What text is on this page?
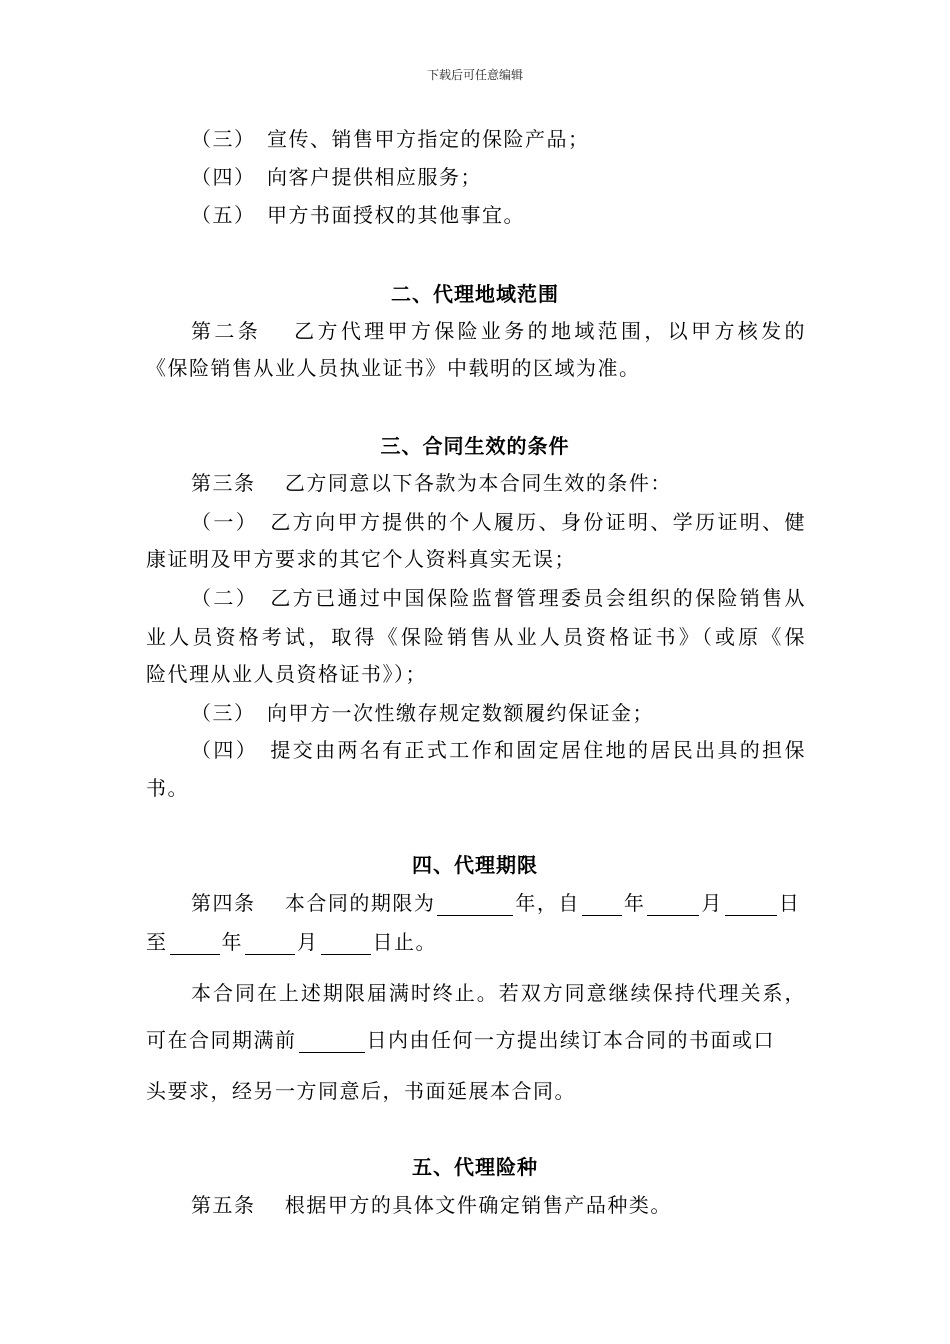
下载后可任意编辑
（三）　宣传、销售甲方指定的保险产品；
（四）　向客户提供相应服务；
（五）　甲方书面授权的其他事宜。
二、代理地域范围
第二条　 乙方代理甲方保险业务的地域范围，以甲方核发的
《保险销售从业人员执业证书》中载明的区域为准。
三、合同生效的条件
第三条　 乙方同意以下各款为本合同生效的条件：
（一）　乙方向甲方提供的个人履历、身份证明、学历证明、健
康证明及甲方要求的其它个人资料真实无误；
（二）　乙方已通过中国保险监督管理委员会组织的保险销售从
业人员资格考试，取得《保险销售从业人员资格证书》（或原《保
险代理从业人员资格证书》）；
（三）　向甲方一次性缴存规定数额履约保证金；
（四）　提交由两名有正式工作和固定居住地的居民出具的担保
书。
四、代理期限
第四条　 本合同的期限为	年，自 年	月	日
至	年	月	日止。
本合同在上述期限届满时终止。若双方同意继续保持代理关系，
可在合同期满前	日内由任何一方提出续订本合同的书面或口
头要求，经另一方同意后，书面延展本合同。
五、代理险种
第五条　 根据甲方的具体文件确定销售产品种类。
